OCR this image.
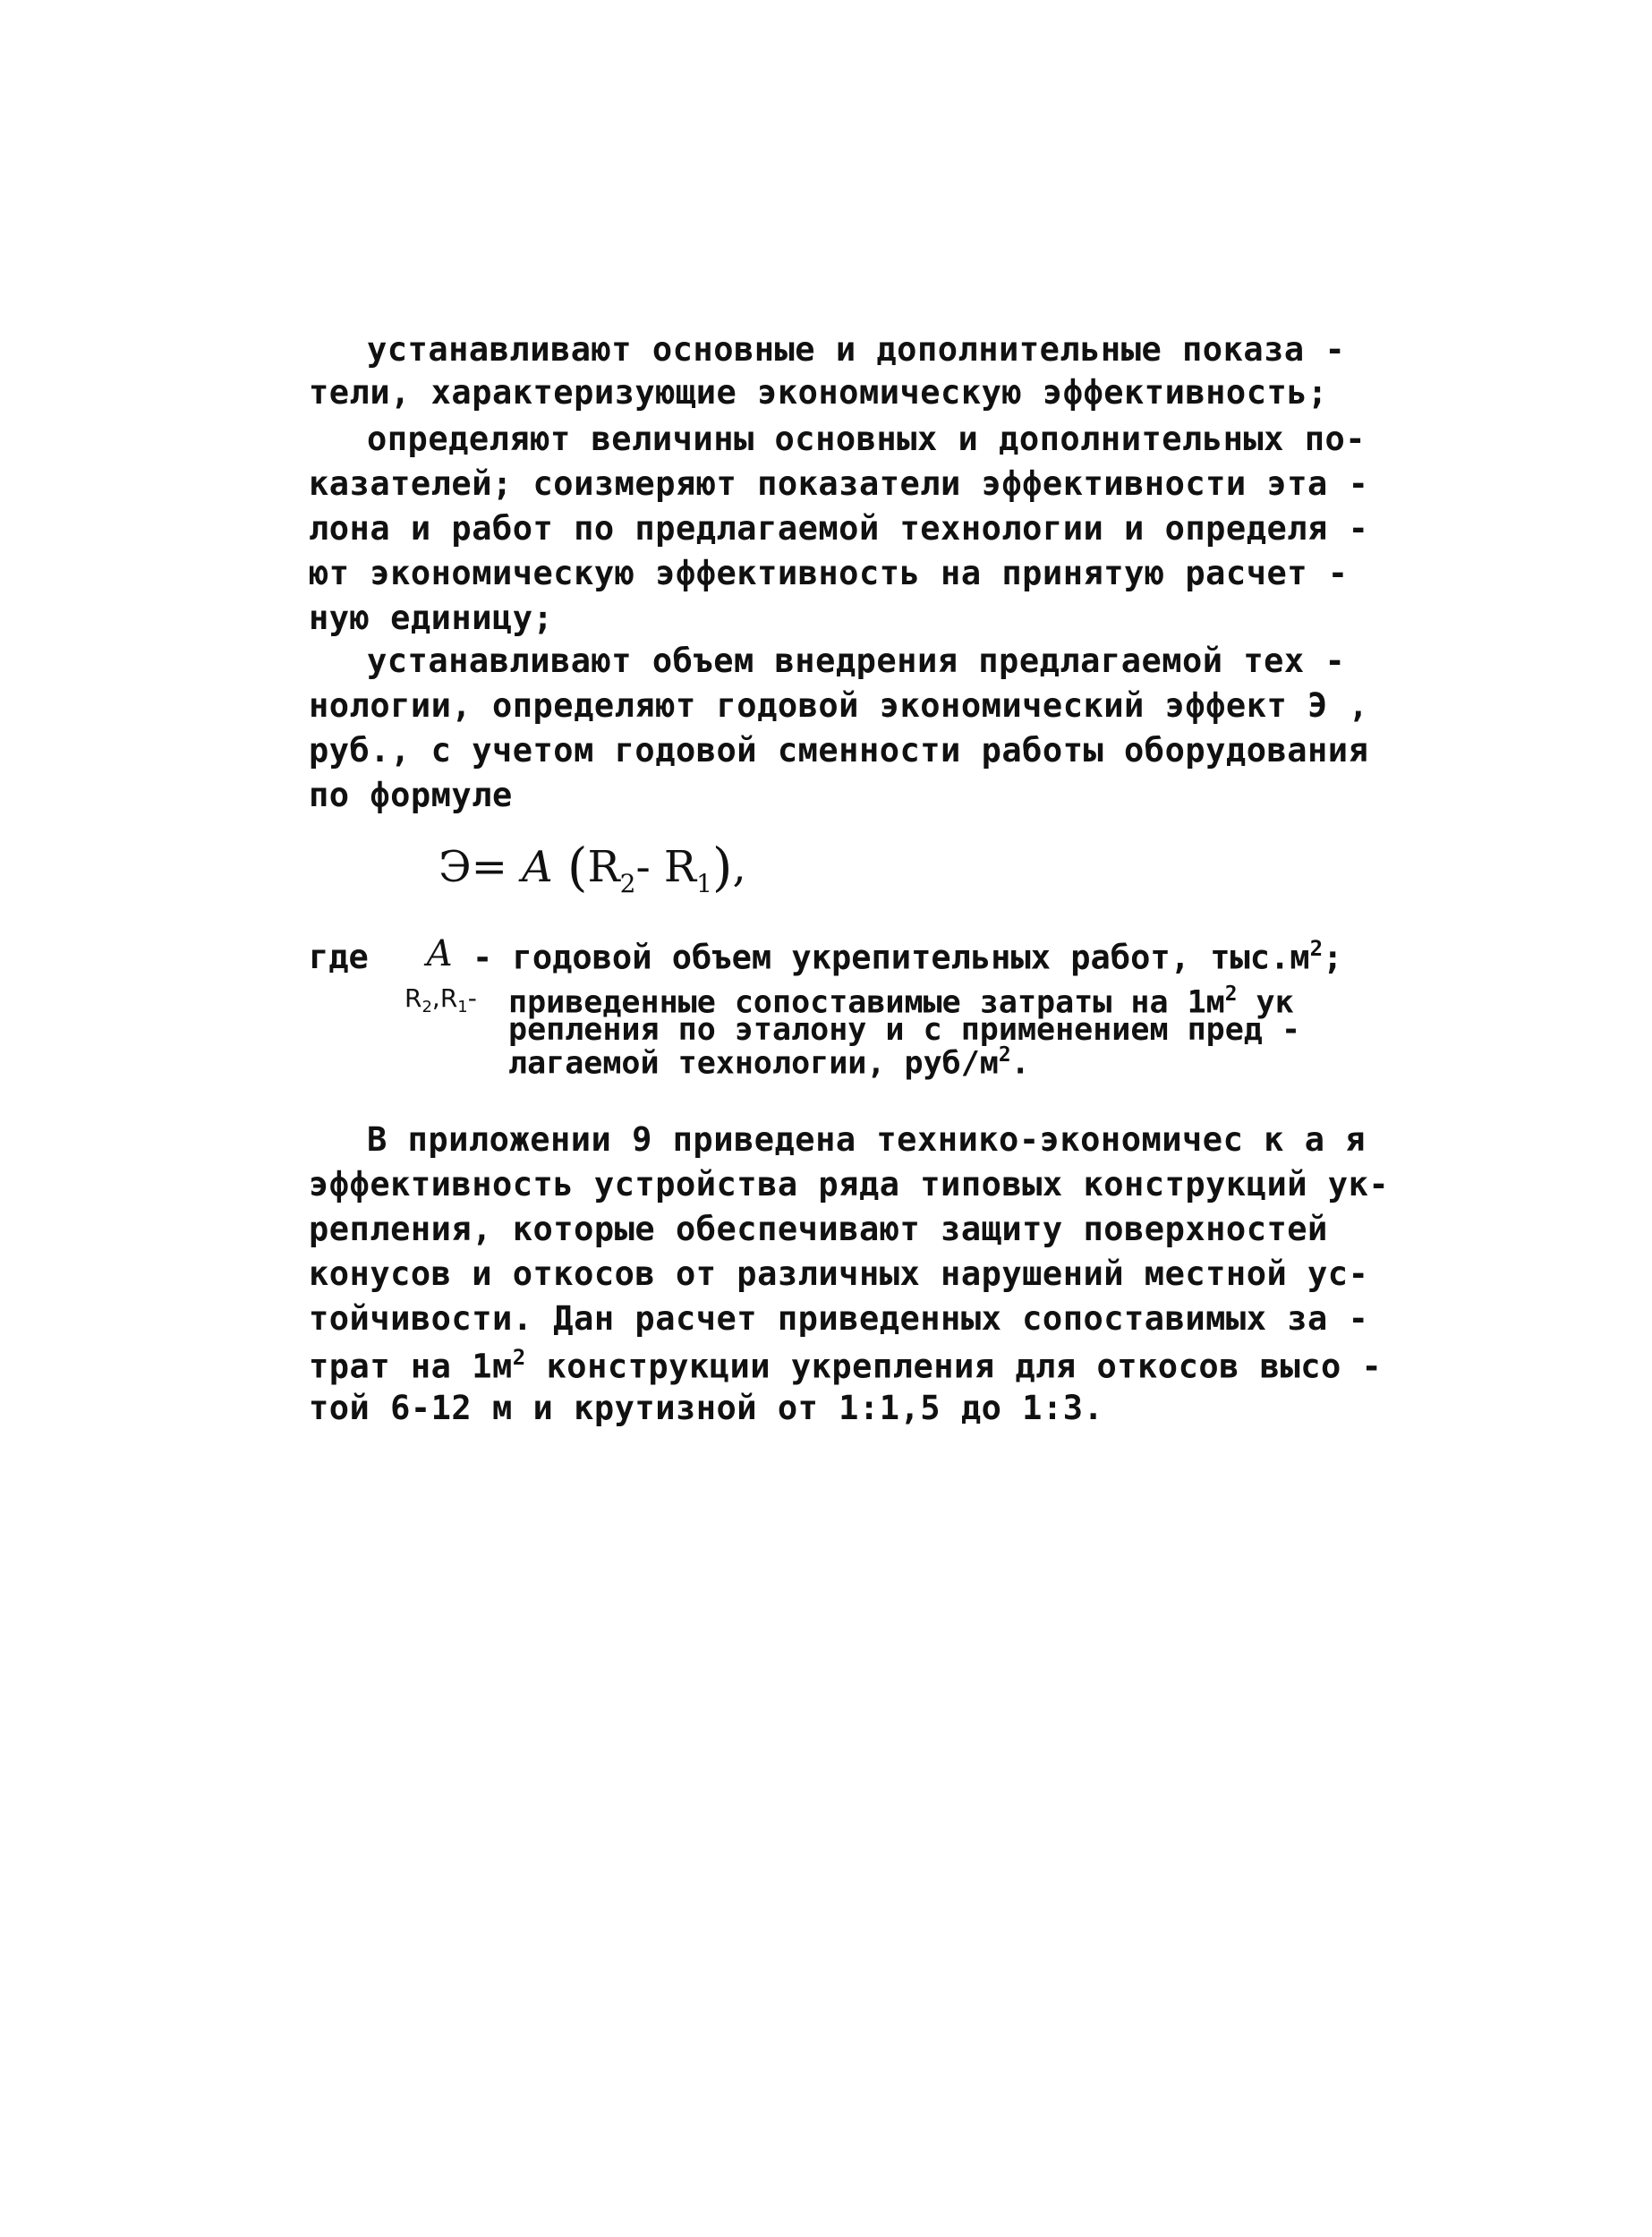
устанавливают основные и дополнительные показа -
тели, характеризующие экономическую эффективность;
определяют величины основных и дополнительных по-
казателей; соизмеряют показатели эффективности эта -
лона и работ по предлагаемой технологии и определя -
ют экономическую эффективность на принятую расчет -
ную единицу;
устанавливают объем внедрения предлагаемой тех -
нологии, определяют годовой экономический эффект Э ,
руб., с учетом годовой сменности работы оборудования
по формуле
Э= А ($R_2-$ $R_1$),
где А - годовой объем укрепительных работ, $тыс.м^2$;
$R_2,R_1-$ приведенные сопоставимые затраты на $1м^2$ ук
репления по эталону и с применением пред -
лагаемой технологии, руб/$м^2$.
В приложении 9 приведена технико-экономичес к а я
эффективность устройства ряда типовых конструкций ук-
репления, которые обеспечивают защиту поверхностей
конусов и откосов от различных нарушений местной ус-
тойчивости. Дан расчет приведенных сопоставимых за -
трат на $1м^2$ конструкции укрепления для откосов высо -
той 6-12 м и крутизной от 1:1,5 до 1:3.
